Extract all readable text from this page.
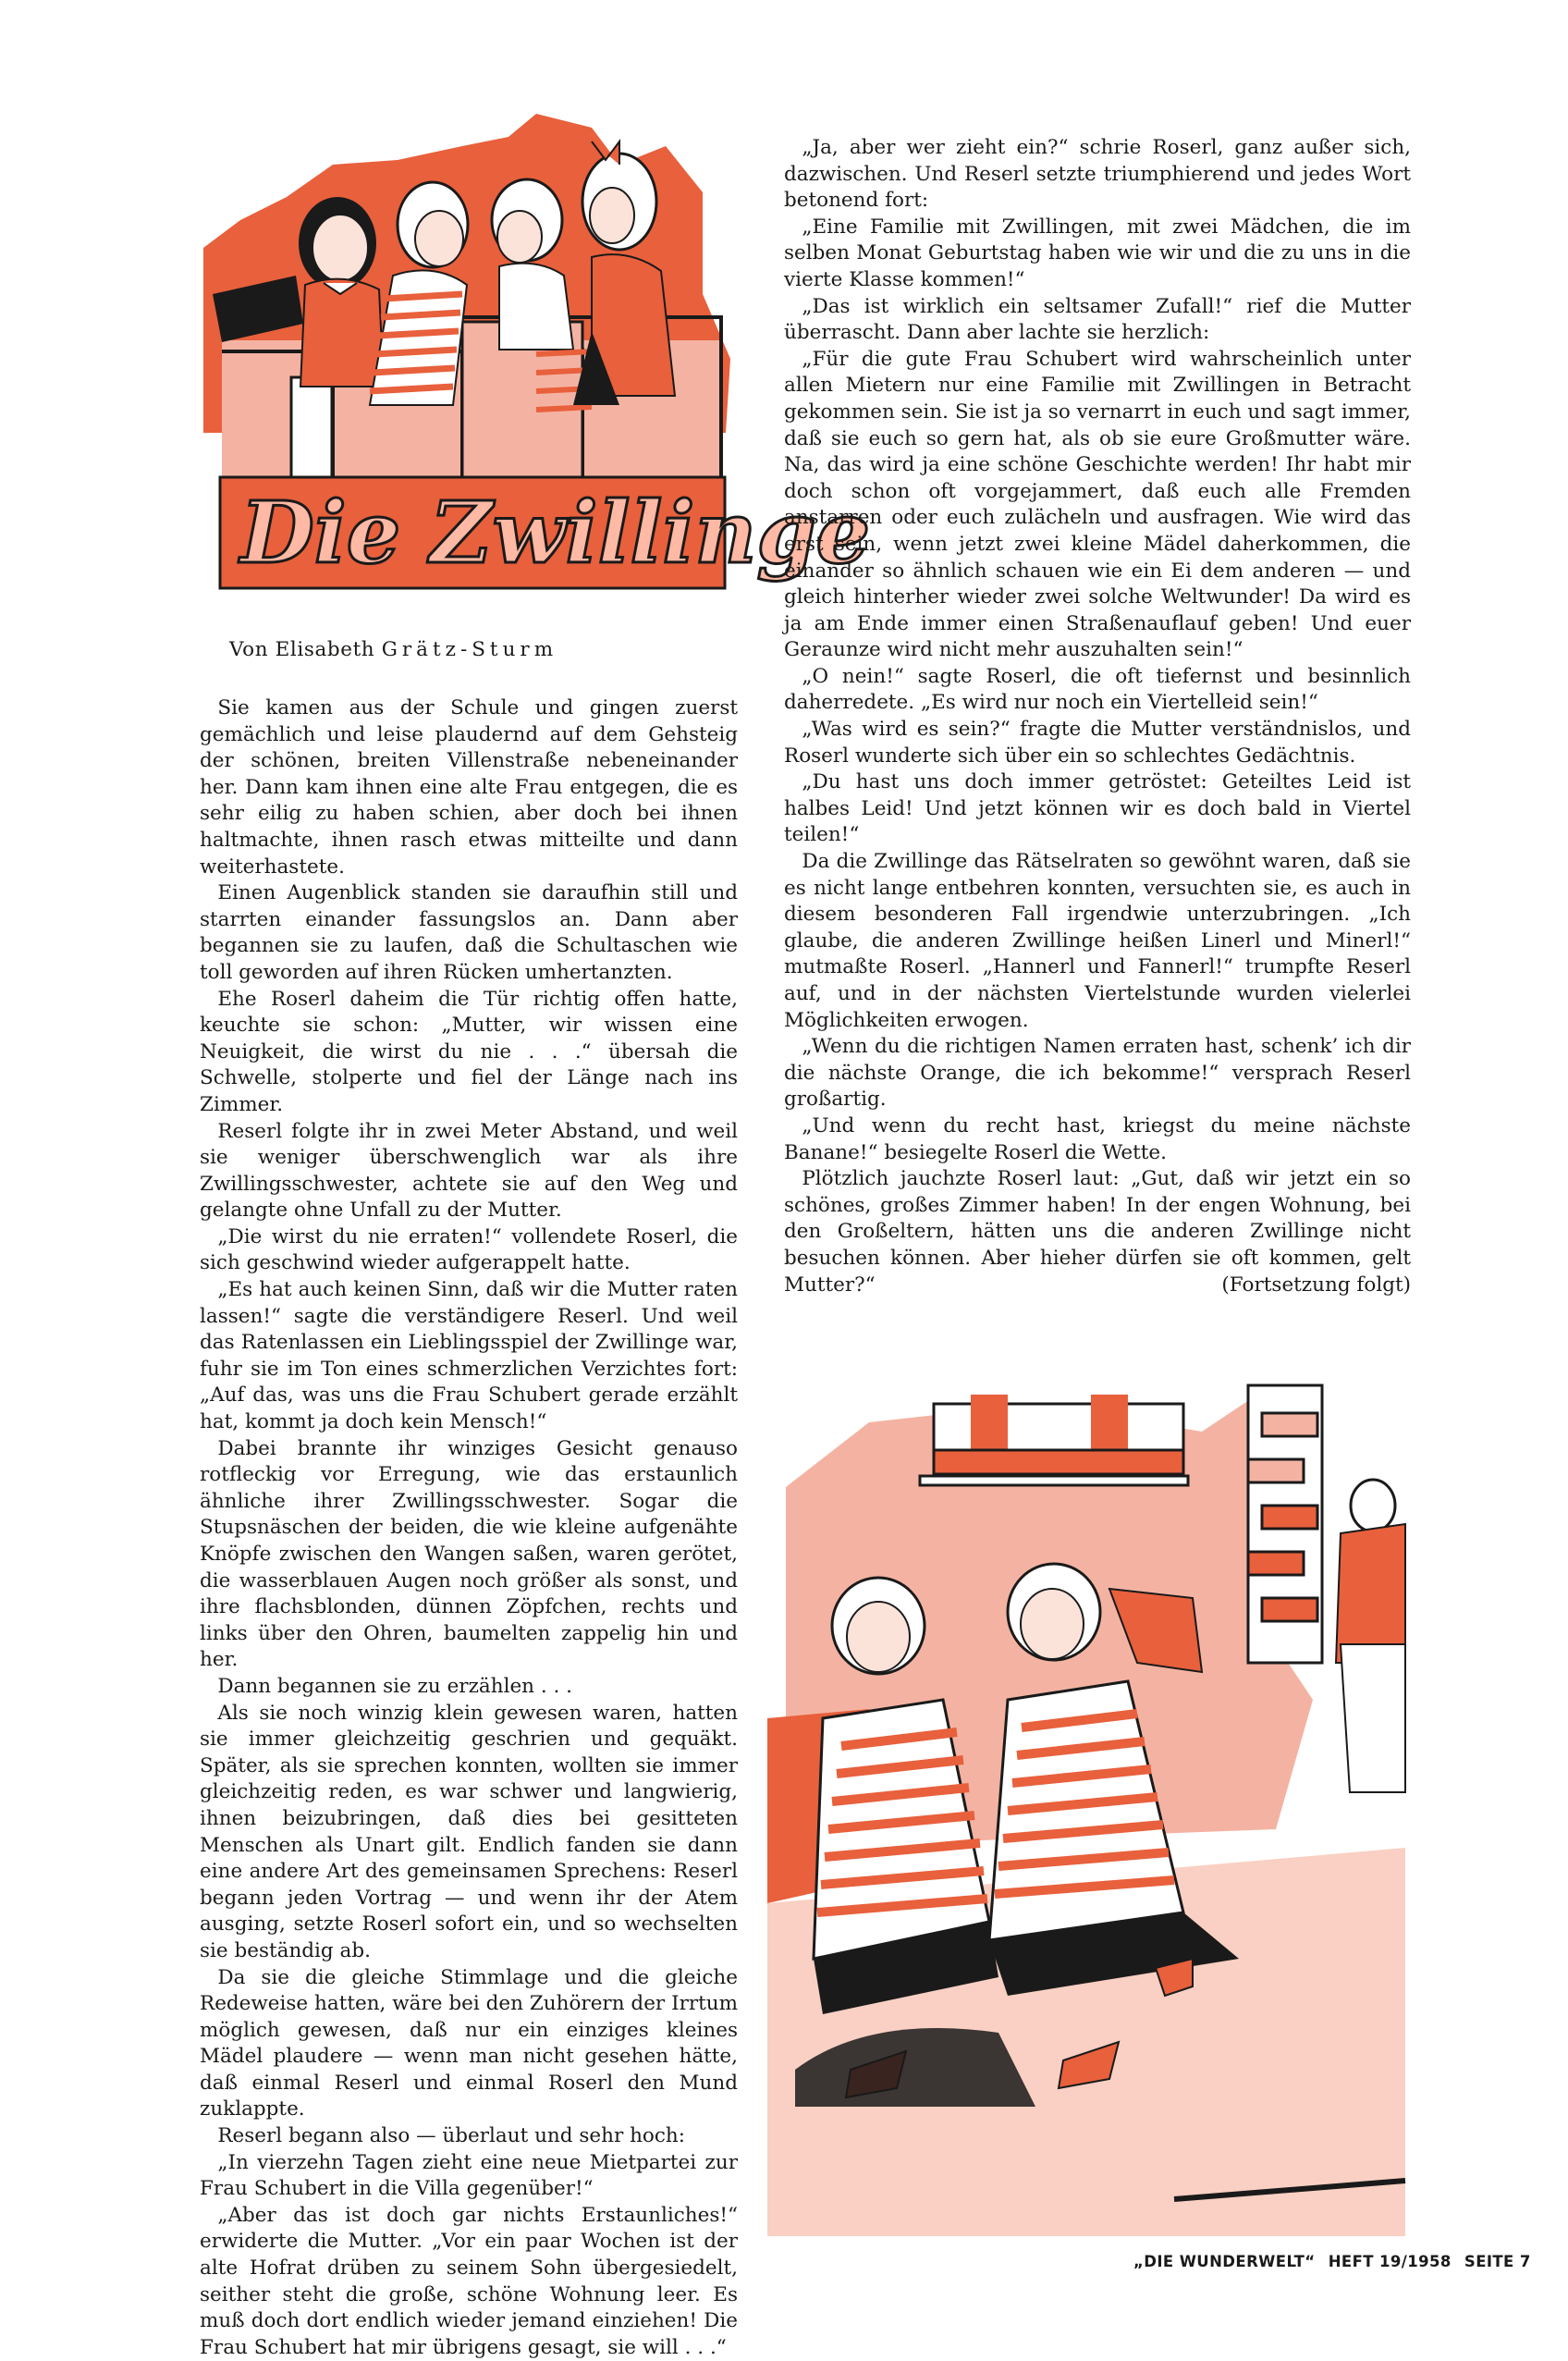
Die Zwillinge
Von Elisabeth Grätz-Sturm

Sie kamen aus der Schule und gingen zuerst gemächlich und leise plaudernd auf dem Gehsteig der schönen, breiten Villenstraße nebeneinander her. Dann kam ihnen eine alte Frau entgegen, die es sehr eilig zu haben schien, aber doch bei ihnen haltmachte, ihnen rasch etwas mitteilte und dann weiterhastete.

Einen Augenblick standen sie daraufhin still und starrten einander fassungslos an. Dann aber begannen sie zu laufen, daß die Schultaschen wie toll geworden auf ihren Rücken umhertanzten.

Ehe Roserl daheim die Tür richtig offen hatte, keuchte sie schon: „Mutter, wir wissen eine Neuigkeit, die wirst du nie . . .“ übersah die Schwelle, stolperte und fiel der Länge nach ins Zimmer.

Reserl folgte ihr in zwei Meter Abstand, und weil sie weniger überschwenglich war als ihre Zwillingsschwester, achtete sie auf den Weg und gelangte ohne Unfall zu der Mutter.

„Die wirst du nie erraten!“ vollendete Roserl, die sich geschwind wieder aufgerappelt hatte.

„Es hat auch keinen Sinn, daß wir die Mutter raten lassen!“ sagte die verständigere Reserl. Und weil das Ratenlassen ein Lieblingsspiel der Zwillinge war, fuhr sie im Ton eines schmerzlichen Verzichtes fort: „Auf das, was uns die Frau Schubert gerade erzählt hat, kommt ja doch kein Mensch!“

Dabei brannte ihr winziges Gesicht genauso rotfleckig vor Erregung, wie das erstaunlich ähnliche ihrer Zwillingsschwester. Sogar die Stupsnäschen der beiden, die wie kleine aufgenähte Knöpfe zwischen den Wangen saßen, waren gerötet, die wasserblauen Augen noch größer als sonst, und ihre flachsblonden, dünnen Zöpfchen, rechts und links über den Ohren, baumelten zappelig hin und her.

Dann begannen sie zu erzählen . . .

Als sie noch winzig klein gewesen waren, hatten sie immer gleichzeitig geschrien und gequäkt. Später, als sie sprechen konnten, wollten sie immer gleichzeitig reden, es war schwer und langwierig, ihnen beizubringen, daß dies bei gesitteten Menschen als Unart gilt. Endlich fanden sie dann eine andere Art des gemeinsamen Sprechens: Reserl begann jeden Vortrag — und wenn ihr der Atem ausging, setzte Roserl sofort ein, und so wechselten sie beständig ab.

Da sie die gleiche Stimmlage und die gleiche Redeweise hatten, wäre bei den Zuhörern der Irrtum möglich gewesen, daß nur ein einziges kleines Mädel plaudere — wenn man nicht gesehen hätte, daß einmal Reserl und einmal Roserl den Mund zuklappte.

Reserl begann also — überlaut und sehr hoch:

„In vierzehn Tagen zieht eine neue Mietpartei zur Frau Schubert in die Villa gegenüber!“

„Aber das ist doch gar nichts Erstaunliches!“ erwiderte die Mutter. „Vor ein paar Wochen ist der alte Hofrat drüben zu seinem Sohn übergesiedelt, seither steht die große, schöne Wohnung leer. Es muß doch dort endlich wieder jemand einziehen! Die Frau Schubert hat mir übrigens gesagt, sie will . . .“

„Ja, aber wer zieht ein?“ schrie Roserl, ganz außer sich, dazwischen. Und Reserl setzte triumphierend und jedes Wort betonend fort:

„Eine Familie mit Zwillingen, mit zwei Mädchen, die im selben Monat Geburtstag haben wie wir und die zu uns in die vierte Klasse kommen!“

„Das ist wirklich ein seltsamer Zufall!“ rief die Mutter überrascht. Dann aber lachte sie herzlich:

„Für die gute Frau Schubert wird wahrscheinlich unter allen Mietern nur eine Familie mit Zwillingen in Betracht gekommen sein. Sie ist ja so vernarrt in euch und sagt immer, daß sie euch so gern hat, als ob sie eure Großmutter wäre. Na, das wird ja eine schöne Geschichte werden! Ihr habt mir doch schon oft vorgejammert, daß euch alle Fremden anstarren oder euch zulächeln und ausfragen. Wie wird das erst sein, wenn jetzt zwei kleine Mädel daherkommen, die einander so ähnlich schauen wie ein Ei dem anderen — und gleich hinterher wieder zwei solche Weltwunder! Da wird es ja am Ende immer einen Straßenauflauf geben! Und euer Geraunze wird nicht mehr auszuhalten sein!“

„O nein!“ sagte Roserl, die oft tiefernst und besinnlich daherredete. „Es wird nur noch ein Viertelleid sein!“

„Was wird es sein?“ fragte die Mutter verständnislos, und Roserl wunderte sich über ein so schlechtes Gedächtnis.

„Du hast uns doch immer getröstet: Geteiltes Leid ist halbes Leid! Und jetzt können wir es doch bald in Viertel teilen!“

Da die Zwillinge das Rätselraten so gewöhnt waren, daß sie es nicht lange entbehren konnten, versuchten sie, es auch in diesem besonderen Fall irgendwie unterzubringen. „Ich glaube, die anderen Zwillinge heißen Linerl und Minerl!“ mutmaßte Roserl. „Hannerl und Fannerl!“ trumpfte Reserl auf, und in der nächsten Viertelstunde wurden vielerlei Möglichkeiten erwogen.

„Wenn du die richtigen Namen erraten hast, schenk’ ich dir die nächste Orange, die ich bekomme!“ versprach Reserl großartig.

„Und wenn du recht hast, kriegst du meine nächste Banane!“ besiegelte Roserl die Wette.

Plötzlich jauchzte Roserl laut: „Gut, daß wir jetzt ein so schönes, großes Zimmer haben! In der engen Wohnung, bei den Großeltern, hätten uns die anderen Zwillinge nicht besuchen können. Aber hieher dürfen sie oft kommen, gelt Mutter?“	(Fortsetzung folgt)

„DIE WUNDERWELT“ HEFT 19/1958 SEITE 7
